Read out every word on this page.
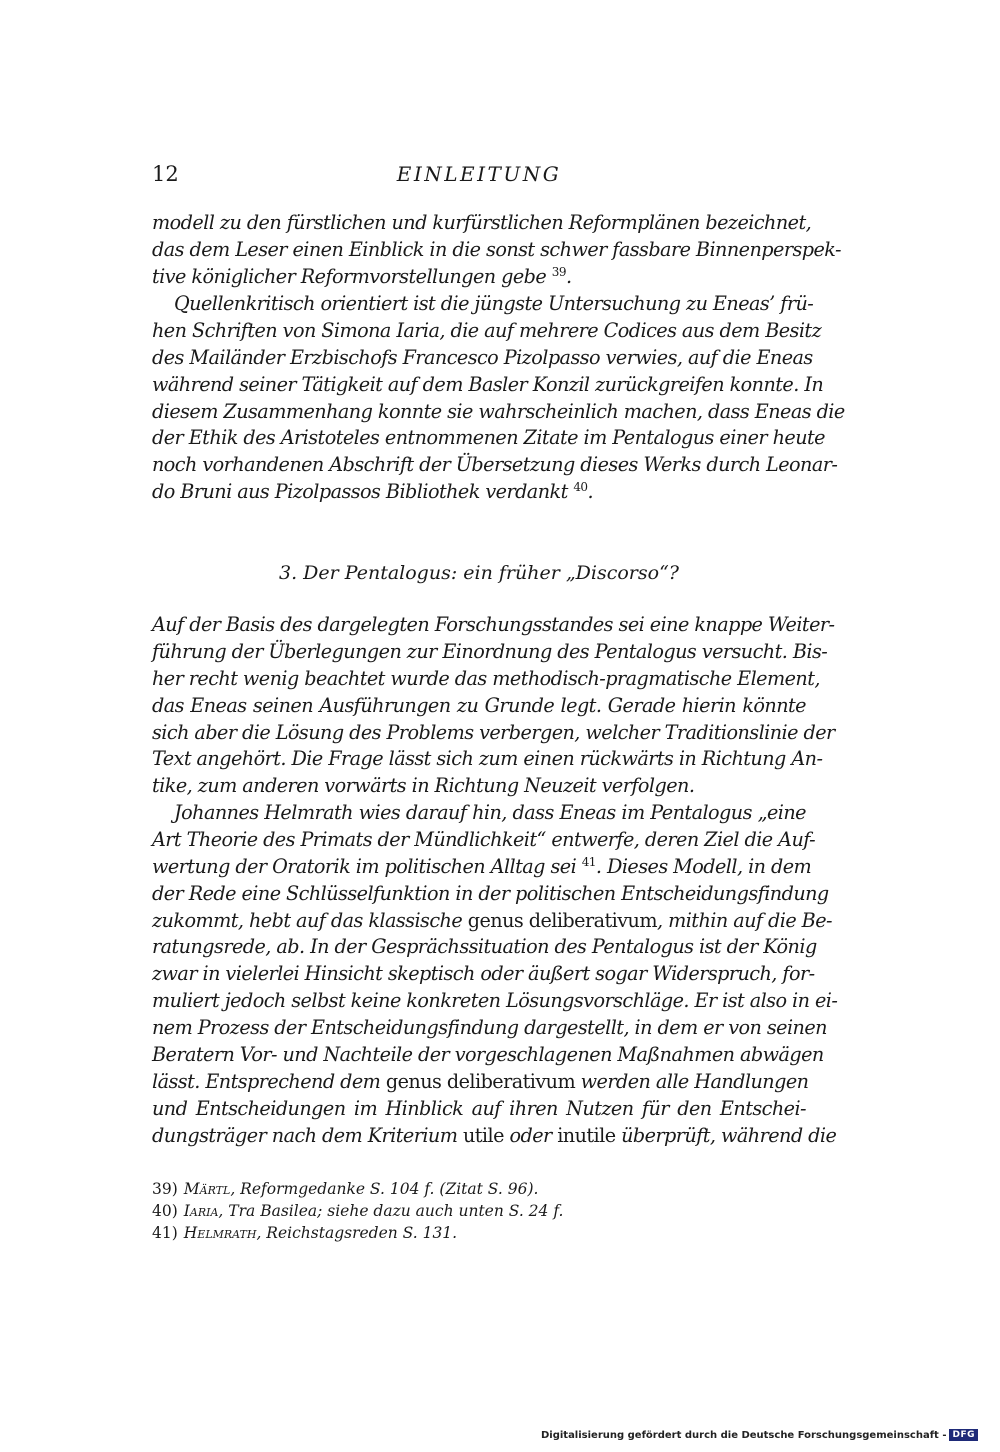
12	EINLEITUNG
modell zu den fürstlichen und kurfürstlichen Reformplänen bezeichnet,
das dem Leser einen Einblick in die sonst schwer fassbare Binnenperspek-
tive königlicher Reformvorstellungen gebe $^{39}$.
Quellenkritisch orientiert ist die jüngste Untersuchung zu Eneas’ frü-
hen Schriften von Simona Iaria, die auf mehrere Codices aus dem Besitz
des Mailänder Erzbischofs Francesco Pizolpasso verwies, auf die Eneas
während seiner Tätigkeit auf dem Basler Konzil zurückgreifen konnte. In
diesem Zusammenhang konnte sie wahrscheinlich machen, dass Eneas die
der Ethik des Aristoteles entnommenen Zitate im Pentalogus einer heute
noch vorhandenen Abschrift der Übersetzung dieses Werks durch Leonar-
do Bruni aus Pizolpassos Bibliothek verdankt $^{40}$.
3. Der Pentalogus: ein früher „Discorso“?
Auf der Basis des dargelegten Forschungsstandes sei eine knappe Weiter-
führung der Überlegungen zur Einordnung des Pentalogus versucht. Bis-
her recht wenig beachtet wurde das methodisch-pragmatische Element,
das Eneas seinen Ausführungen zu Grunde legt. Gerade hierin könnte
sich aber die Lösung des Problems verbergen, welcher Traditionslinie der
Text angehört. Die Frage lässt sich zum einen rückwärts in Richtung An-
tike, zum anderen vorwärts in Richtung Neuzeit verfolgen.
Johannes Helmrath wies darauf hin, dass Eneas im Pentalogus „eine
Art Theorie des Primats der Mündlichkeit“ entwerfe, deren Ziel die Auf-
wertung der Oratorik im politischen Alltag sei $^{41}$. Dieses Modell, in dem
der Rede eine Schlüsselfunktion in der politischen Entscheidungsfindung
zukommt, hebt auf das klassische genus deliberativum, mithin auf die Be-
ratungsrede, ab. In der Gesprächssituation des Pentalogus ist der König
zwar in vielerlei Hinsicht skeptisch oder äußert sogar Widerspruch, for-
muliert jedoch selbst keine konkreten Lösungsvorschläge. Er ist also in ei-
nem Prozess der Entscheidungsfindung dargestellt, in dem er von seinen
Beratern Vor- und Nachteile der vorgeschlagenen Maßnahmen abwägen
lässt. Entsprechend dem genus deliberativum werden alle Handlungen
und Entscheidungen im Hinblick auf ihren Nutzen für den Entschei-
dungsträger nach dem Kriterium utile oder inutile überprüft, während die
39) Märtl, Reformgedanke S. 104 f. (Zitat S. 96).
40) Iaria, Tra Basilea; siehe dazu auch unten S. 24 f.
41) Helmrath, Reichstagsreden S. 131.
Digitalisierung gefördert durch die Deutsche Forschungsgemeinschaft - DFG
